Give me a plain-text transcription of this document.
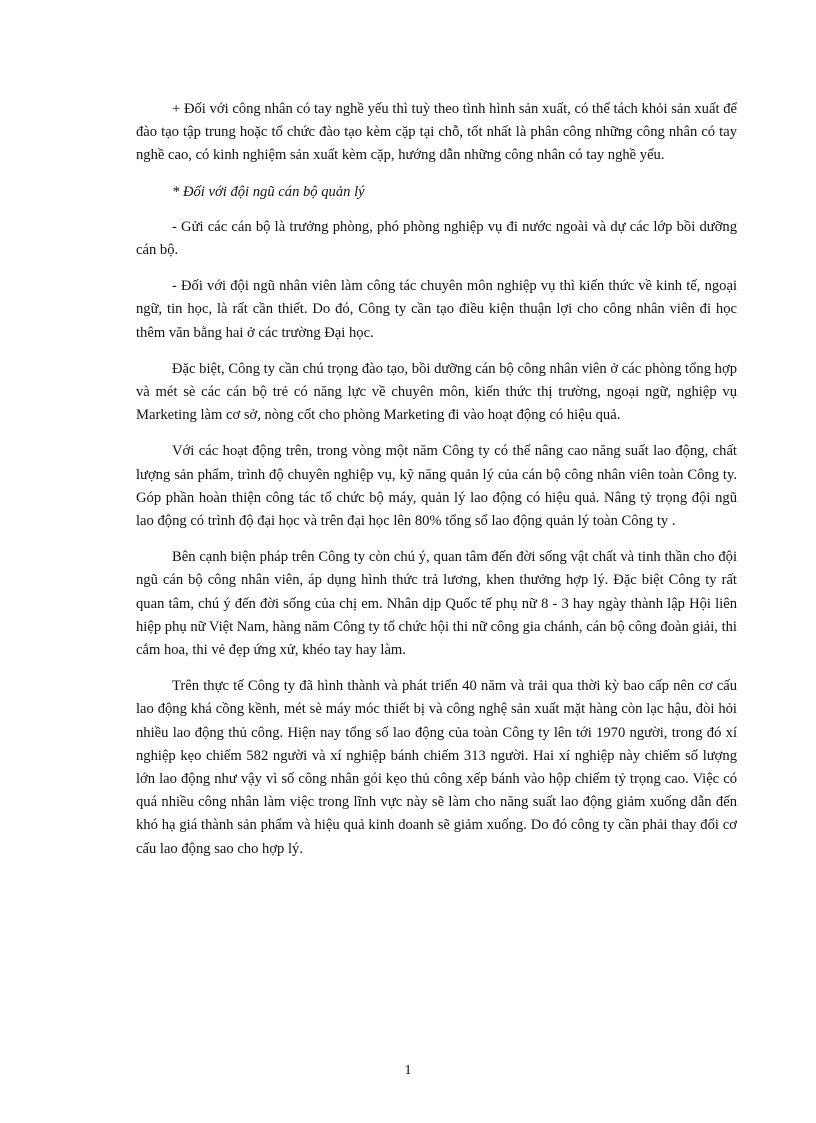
+ Đối với công nhân có tay nghề yếu thì tuỳ theo tình hình sản xuất, có thể tách khỏi sản xuất để đào tạo tập trung hoặc tổ chức đào tạo kèm cặp tại chỗ, tốt nhất là phân công những công nhân có tay nghề cao, có kinh nghiệm sản xuất kèm cặp, hướng dẫn những công nhân có tay nghề yếu.

* Đối với đội ngũ cán bộ quản lý

- Gửi các cán bộ là trưởng phòng, phó phòng nghiệp vụ đi nước ngoài và dự các lớp bồi dưỡng cán bộ.

- Đối với đội ngũ nhân viên làm công tác chuyên môn nghiệp vụ thì kiến thức về kinh tế, ngoại ngữ, tin học, là rất cần thiết. Do đó, Công ty cần tạo điều kiện thuận lợi cho công nhân viên đi học thêm văn bằng hai ở các trường Đại học.

Đặc biệt, Công ty cần chú trọng đào tạo, bồi dưỡng cán bộ công nhân viên ở các phòng tổng hợp và mét sè các cán bộ trẻ có năng lực về chuyên môn, kiến thức thị trường, ngoại ngữ, nghiệp vụ Marketing làm cơ sở, nòng cốt cho phòng Marketing đi vào hoạt động có hiệu quả.

Với các hoạt động trên, trong vòng một năm Công ty có thể nâng cao năng suất lao động, chất lượng sản phẩm, trình độ chuyên nghiệp vụ, kỹ năng quản lý của cán bộ công nhân viên toàn Công ty. Góp phần hoàn thiện công tác tổ chức bộ máy, quản lý lao động có hiệu quả. Nâng tỷ trọng đội ngũ lao động có trình độ đại học và trên đại học lên 80% tổng số lao động quản lý toàn Công ty .

Bên cạnh biện pháp trên Công ty còn chú ý, quan tâm đến đời sống vật chất và tinh thần cho đội ngũ cán bộ công nhân viên, áp dụng hình thức trả lương, khen thưởng hợp lý. Đặc biệt Công ty rất quan tâm, chú ý đến đời sống của chị em. Nhân dịp Quốc tế phụ nữ 8 - 3 hay ngày thành lập Hội liên hiệp phụ nữ Việt Nam, hàng năm Công ty tổ chức hội thi nữ công gia chánh, cán bộ công đoàn giải, thi cắm hoa, thi vẻ đẹp ứng xử, khéo tay hay làm.

Trên thực tế Công ty đã hình thành và phát triển 40 năm và trải qua thời kỳ bao cấp nên cơ cấu lao động khá cồng kềnh, mét sè máy móc thiết bị và công nghệ sản xuất mặt hàng còn lạc hậu, đòi hỏi nhiều lao động thủ công. Hiện nay tổng số lao động của toàn Công ty lên tới 1970 người, trong đó xí nghiệp kẹo chiếm 582 người và xí nghiệp bánh chiếm 313 người. Hai xí nghiệp này chiếm số lượng lớn lao động như vậy vì số công nhân gói kẹo thủ công xếp bánh vào hộp chiếm tỷ trọng cao. Việc có quá nhiều công nhân làm việc trong lĩnh vực này sẽ làm cho năng suất lao động giảm xuống dẫn đến khó hạ giá thành sản phẩm và hiệu quả kinh doanh sẽ giảm xuống. Do đó công ty cần phải thay đổi cơ cấu lao động sao cho hợp lý.

1
